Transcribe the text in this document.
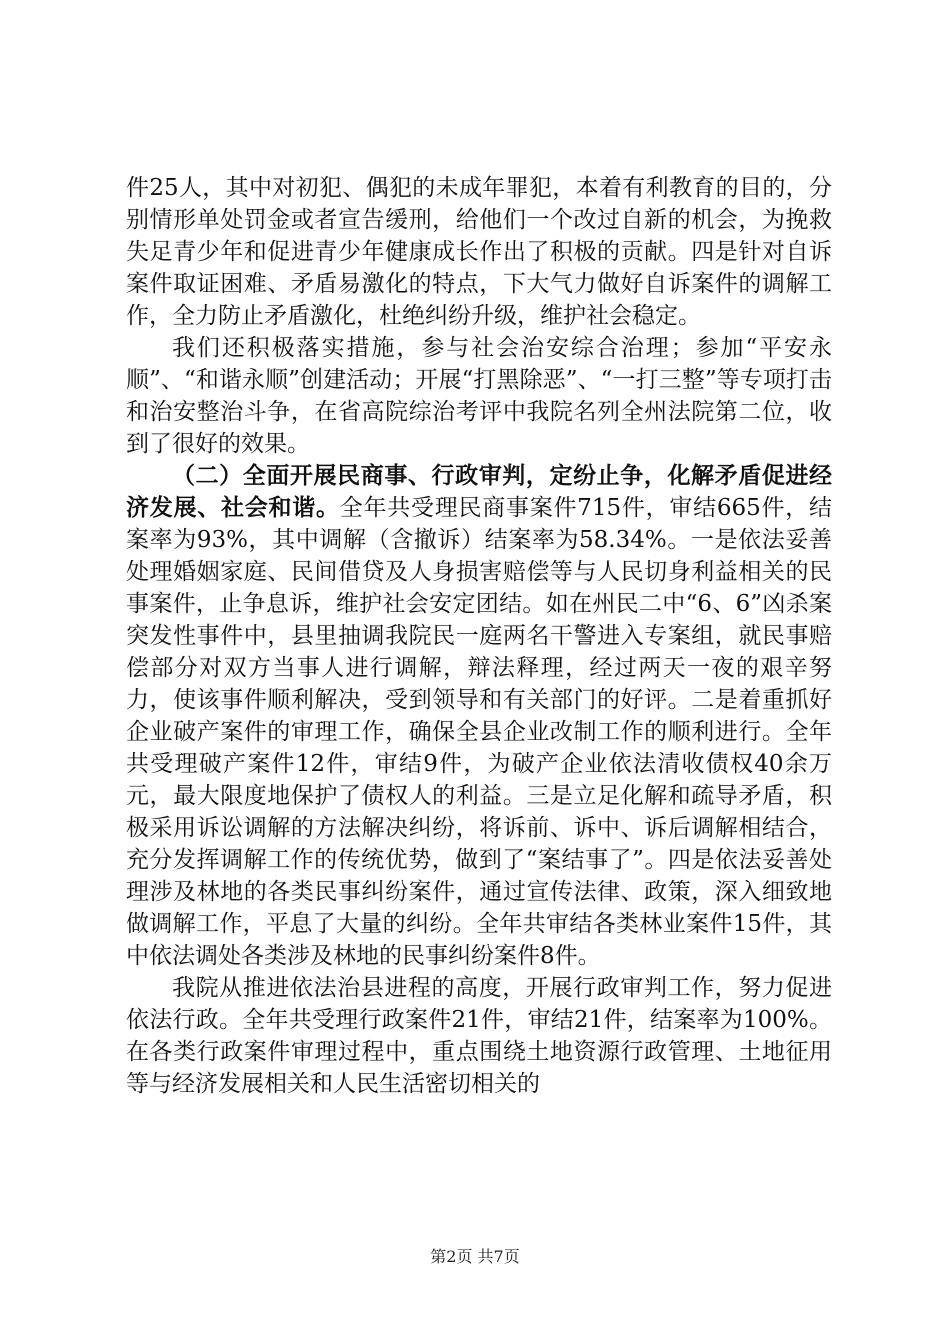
件25人，其中对初犯、偶犯的未成年罪犯，本着有利教育的目的，分别情形单处罚金或者宣告缓刑，给他们一个改过自新的机会，为挽救失足青少年和促进青少年健康成长作出了积极的贡献。四是针对自诉案件取证困难、矛盾易激化的特点，下大气力做好自诉案件的调解工作，全力防止矛盾激化，杜绝纠纷升级，维护社会稳定。

我们还积极落实措施，参与社会治安综合治理；参加“平安永顺”、“和谐永顺”创建活动；开展“打黑除恶”、“一打三整”等专项打击和治安整治斗争，在省高院综治考评中我院名列全州法院第二位，收到了很好的效果。

（二）全面开展民商事、行政审判，定纷止争，化解矛盾促进经济发展、社会和谐。全年共受理民商事案件715件，审结665件，结案率为93%，其中调解（含撤诉）结案率为58.34%。一是依法妥善处理婚姻家庭、民间借贷及人身损害赔偿等与人民切身利益相关的民事案件，止争息诉，维护社会安定团结。如在州民二中“6、6”凶杀案突发性事件中，县里抽调我院民一庭两名干警进入专案组，就民事赔偿部分对双方当事人进行调解，辩法释理，经过两天一夜的艰辛努力，使该事件顺利解决，受到领导和有关部门的好评。二是着重抓好企业破产案件的审理工作，确保全县企业改制工作的顺利进行。全年共受理破产案件12件，审结9件，为破产企业依法清收债权40余万元，最大限度地保护了债权人的利益。三是立足化解和疏导矛盾，积极采用诉讼调解的方法解决纠纷，将诉前、诉中、诉后调解相结合，充分发挥调解工作的传统优势，做到了“案结事了”。四是依法妥善处理涉及林地的各类民事纠纷案件，通过宣传法律、政策，深入细致地做调解工作，平息了大量的纠纷。全年共审结各类林业案件15件，其中依法调处各类涉及林地的民事纠纷案件8件。

我院从推进依法治县进程的高度，开展行政审判工作，努力促进依法行政。全年共受理行政案件21件，审结21件，结案率为100%。在各类行政案件审理过程中，重点围绕土地资源行政管理、土地征用等与经济发展相关和人民生活密切相关的

第2页 共7页
